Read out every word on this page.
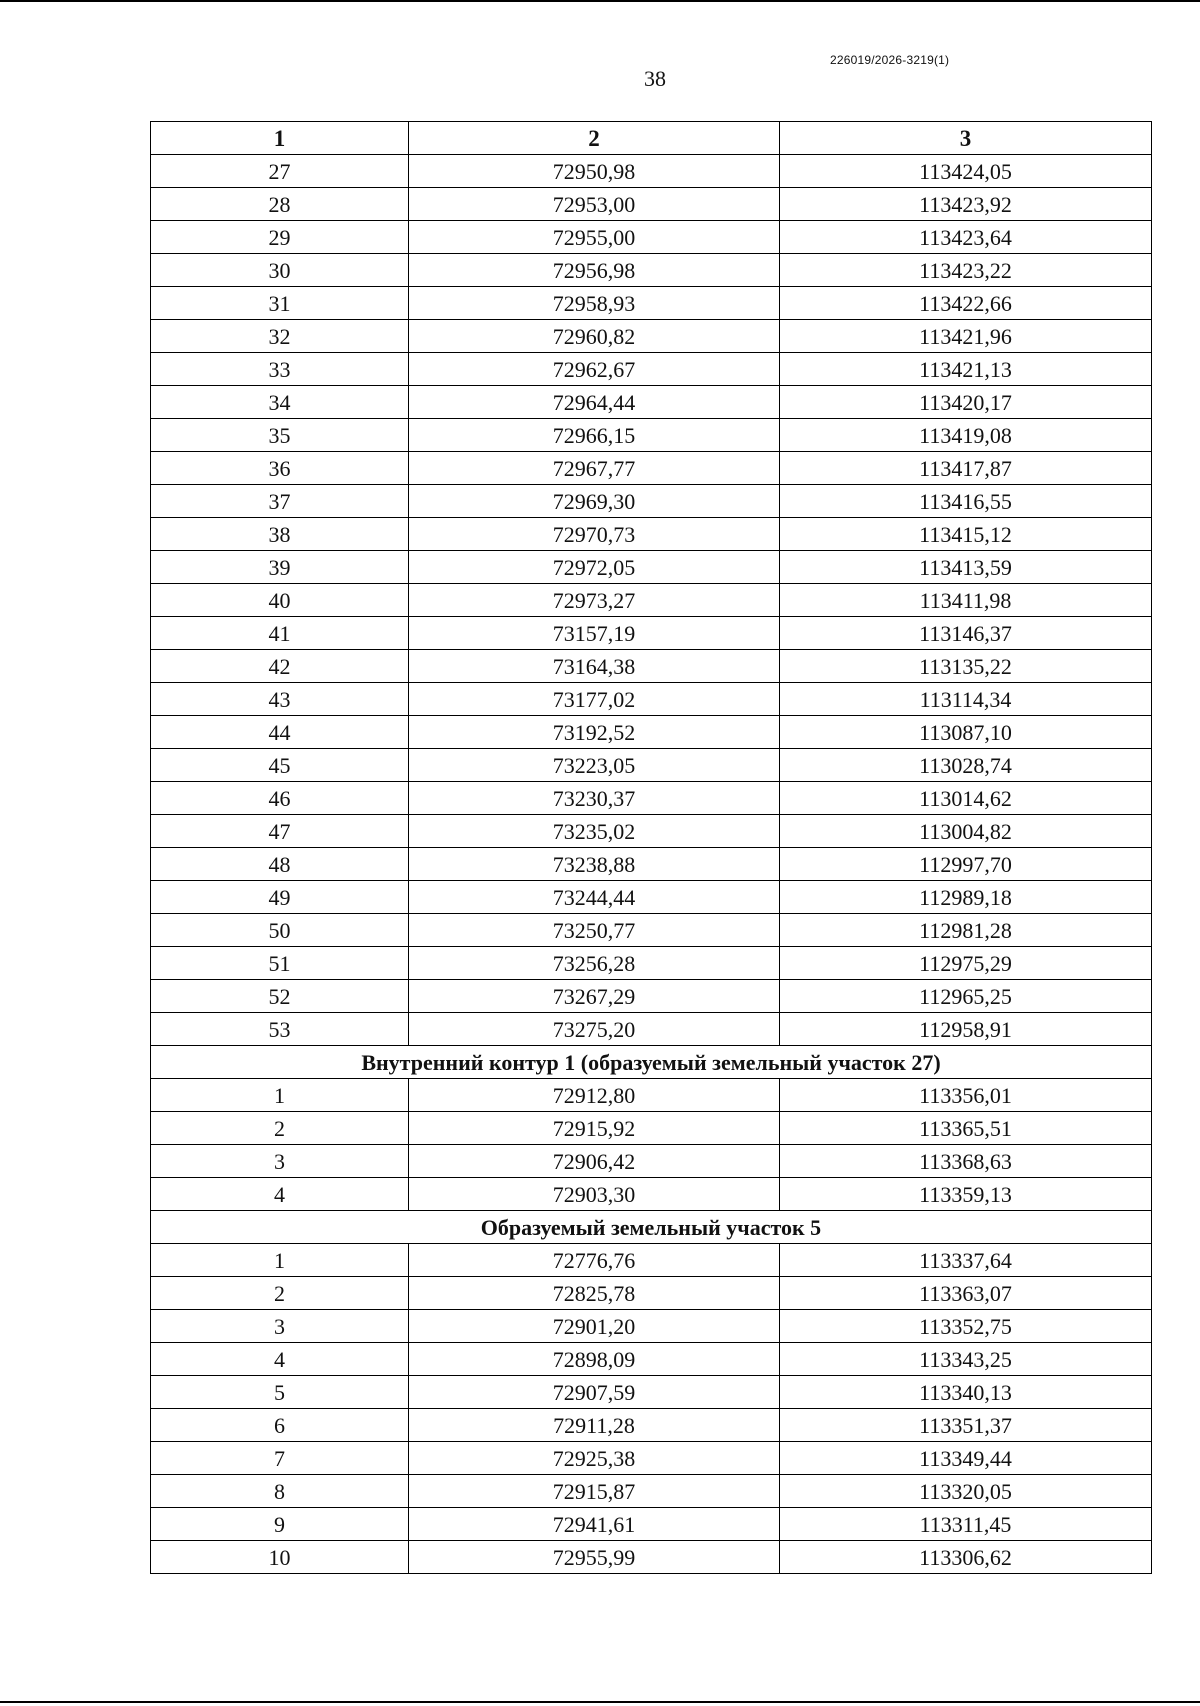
226019/2026-3219(1)
38
1	2	3
27	72950,98	113424,05
28	72953,00	113423,92
29	72955,00	113423,64
30	72956,98	113423,22
31	72958,93	113422,66
32	72960,82	113421,96
33	72962,67	113421,13
34	72964,44	113420,17
35	72966,15	113419,08
36	72967,77	113417,87
37	72969,30	113416,55
38	72970,73	113415,12
39	72972,05	113413,59
40	72973,27	113411,98
41	73157,19	113146,37
42	73164,38	113135,22
43	73177,02	113114,34
44	73192,52	113087,10
45	73223,05	113028,74
46	73230,37	113014,62
47	73235,02	113004,82
48	73238,88	112997,70
49	73244,44	112989,18
50	73250,77	112981,28
51	73256,28	112975,29
52	73267,29	112965,25
53	73275,20	112958,91
Внутренний контур 1 (образуемый земельный участок 27)		
1	72912,80	113356,01
2	72915,92	113365,51
3	72906,42	113368,63
4	72903,30	113359,13
Образуемый земельный участок 5		
1	72776,76	113337,64
2	72825,78	113363,07
3	72901,20	113352,75
4	72898,09	113343,25
5	72907,59	113340,13
6	72911,28	113351,37
7	72925,38	113349,44
8	72915,87	113320,05
9	72941,61	113311,45
10	72955,99	113306,62
